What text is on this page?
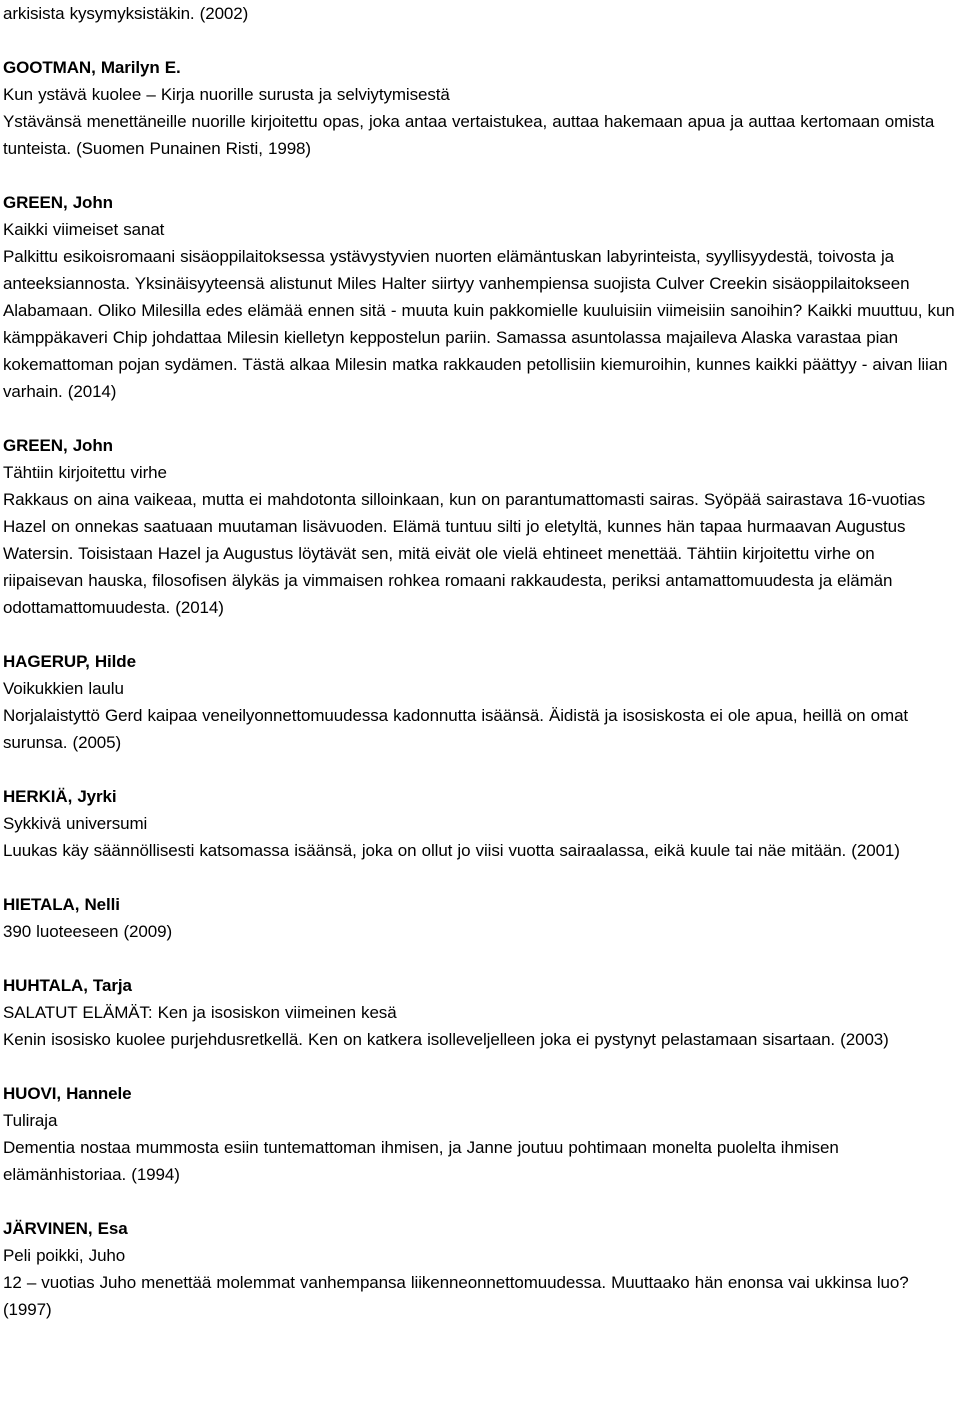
arkisista kysymyksistäkin. (2002)

GOOTMAN, Marilyn E.

Kun ystävä kuolee – Kirja nuorille surusta ja selviytymisestä

Ystävänsä menettäneille nuorille kirjoitettu opas, joka antaa vertaistukea, auttaa hakemaan apua ja auttaa kertomaan omista tunteista. (Suomen Punainen Risti, 1998)

GREEN, John

Kaikki viimeiset sanat

Palkittu esikoisromaani sisäoppilaitoksessa ystävystyvien nuorten elämäntuskan labyrinteista, syyllisyydestä, toivosta ja anteeksiannosta. Yksinäisyyteensä alistunut Miles Halter siirtyy vanhempiensa suojista Culver Creekin sisäoppilaitokseen Alabamaan. Oliko Milesilla edes elämää ennen sitä - muuta kuin pakkomielle kuuluisiin viimeisiin sanoihin? Kaikki muuttuu, kun kämppäkaveri Chip johdattaa Milesin kielletyn keppostelun pariin. Samassa asuntolassa majaileva Alaska varastaa pian kokemattoman pojan sydämen. Tästä alkaa Milesin matka rakkauden petollisiin kiemuroihin, kunnes kaikki päättyy - aivan liian varhain. (2014)

GREEN, John

Tähtiin kirjoitettu virhe

Rakkaus on aina vaikeaa, mutta ei mahdotonta silloinkaan, kun on parantumattomasti sairas. Syöpää sairastava 16-vuotias Hazel on onnekas saatuaan muutaman lisävuoden. Elämä tuntuu silti jo eletyltä, kunnes hän tapaa hurmaavan Augustus Watersin. Toisistaan Hazel ja Augustus löytävät sen, mitä eivät ole vielä ehtineet menettää. Tähtiin kirjoitettu virhe on riipaisevan hauska, filosofisen älykäs ja vimmaisen rohkea romaani rakkaudesta, periksi antamattomuudesta ja elämän odottamattomuudesta. (2014)

HAGERUP, Hilde

Voikukkien laulu

Norjalaistyttö Gerd kaipaa veneilyonnettomuudessa kadonnutta isäänsä. Äidistä ja isosiskosta ei ole apua, heillä on omat surunsa. (2005)

HERKIÄ, Jyrki

Sykkivä universumi

Luukas käy säännöllisesti katsomassa isäänsä, joka on ollut jo viisi vuotta sairaalassa, eikä kuule tai näe mitään. (2001)

HIETALA, Nelli

390 luoteeseen (2009)

HUHTALA, Tarja

SALATUT ELÄMÄT: Ken ja isosiskon viimeinen kesä

Kenin isosisko kuolee purjehdusretkellä. Ken on katkera isolleveljelleen joka ei pystynyt pelastamaan sisartaan. (2003)

HUOVI, Hannele

Tuliraja

Dementia nostaa mummosta esiin tuntemattoman ihmisen, ja Janne joutuu pohtimaan monelta puolelta ihmisen elämänhistoriaa. (1994)

JÄRVINEN, Esa

Peli poikki, Juho

12 – vuotias Juho menettää molemmat vanhempansa liikenneonnettomuudessa. Muuttaako hän enonsa vai ukkinsa luo? (1997)
